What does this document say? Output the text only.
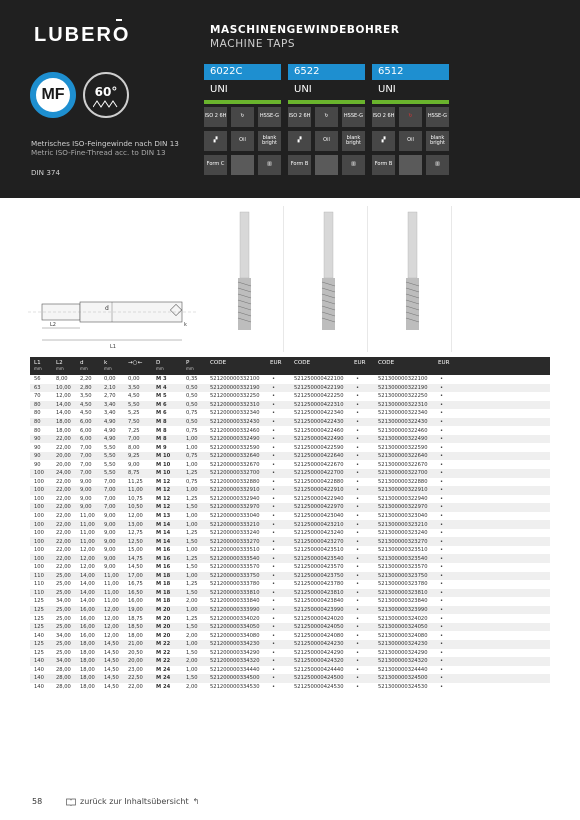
LUBERO	MASCHINENGEWINDEBOHRER
MACHINE TAPS
MF	60°
Metrisches ISO-Feingewinde nach DIN 13
Metric ISO-Fine-Thread acc. to DIN 13
DIN 374
6022C
UNI
ISO 2 6H	↻	HSSE-G
▞	Oil	blank bright
Form C	▥
6522
UNI
ISO 2 6H	↻	HSSE-G
▞	Oil	blank bright
Form B	▥
6512
UNI
ISO 2 6H	↻	HSSE-G
▞	Oil	blank bright
Form B	▥
d
k
L2
L1
L1
mm	L2
mm	d
mm	k
mm	→○←	D
mm	P
mm	CODE	EUR	CODE	EUR	CODE	EUR

56	8,00	2,20	0,00	0,00	M 3	0,35	521200000332100	•	521250000422100	•	521300000322100	•
63	10,00	2,80	2,10	3,50	M 4	0,50	521200000332190	•	521250000422190	•	521300000322190	•
70	12,00	3,50	2,70	4,50	M 5	0,50	521200000332250	•	521250000422250	•	521300000322250	•
80	14,00	4,50	3,40	5,50	M 6	0,50	521200000332310	•	521250000422310	•	521300000322310	•
80	14,00	4,50	3,40	5,25	M 6	0,75	521200000332340	•	521250000422340	•	521300000322340	•
80	18,00	6,00	4,90	7,50	M 8	0,50	521200000332430	•	521250000422430	•	521300000322430	•
80	18,00	6,00	4,90	7,25	M 8	0,75	521200000332460	•	521250000422460	•	521300000322460	•
90	22,00	6,00	4,90	7,00	M 8	1,00	521200000332490	•	521250000422490	•	521300000322490	•
90	22,00	7,00	5,50	8,00	M 9	1,00	521200000332590	•	521250000422590	•	521300000322590	•
90	20,00	7,00	5,50	9,25	M 10	0,75	521200000332640	•	521250000422640	•	521300000322640	•
90	20,00	7,00	5,50	9,00	M 10	1,00	521200000332670	•	521250000422670	•	521300000322670	•
100	24,00	7,00	5,50	8,75	M 10	1,25	521200000332700	•	521250000422700	•	521300000322700	•
100	22,00	9,00	7,00	11,25	M 12	0,75	521200000332880	•	521250000422880	•	521300000322880	•
100	22,00	9,00	7,00	11,00	M 12	1,00	521200000332910	•	521250000422910	•	521300000322910	•
100	22,00	9,00	7,00	10,75	M 12	1,25	521200000332940	•	521250000422940	•	521300000322940	•
100	22,00	9,00	7,00	10,50	M 12	1,50	521200000332970	•	521250000422970	•	521300000322970	•
100	22,00	11,00	9,00	12,00	M 13	1,00	521200000333040	•	521250000423040	•	521300000323040	•
100	22,00	11,00	9,00	13,00	M 14	1,00	521200000333210	•	521250000423210	•	521300000323210	•
100	22,00	11,00	9,00	12,75	M 14	1,25	521200000333240	•	521250000423240	•	521300000323240	•
100	22,00	11,00	9,00	12,50	M 14	1,50	521200000333270	•	521250000423270	•	521300000323270	•
100	22,00	12,00	9,00	15,00	M 16	1,00	521200000333510	•	521250000423510	•	521300000323510	•
100	22,00	12,00	9,00	14,75	M 16	1,25	521200000333540	•	521250000423540	•	521300000323540	•
100	22,00	12,00	9,00	14,50	M 16	1,50	521200000333570	•	521250000423570	•	521300000323570	•
110	25,00	14,00	11,00	17,00	M 18	1,00	521200000333750	•	521250000423750	•	521300000323750	•
110	25,00	14,00	11,00	16,75	M 18	1,25	521200000333780	•	521250000423780	•	521300000323780	•
110	25,00	14,00	11,00	16,50	M 18	1,50	521200000333810	•	521250000423810	•	521300000323810	•
125	34,00	14,00	11,00	16,00	M 18	2,00	521200000333840	•	521250000423840	•	521300000323840	•
125	25,00	16,00	12,00	19,00	M 20	1,00	521200000333990	•	521250000423990	•	521300000323990	•
125	25,00	16,00	12,00	18,75	M 20	1,25	521200000334020	•	521250000424020	•	521300000324020	•
125	25,00	16,00	12,00	18,50	M 20	1,50	521200000334050	•	521250000424050	•	521300000324050	•
140	34,00	16,00	12,00	18,00	M 20	2,00	521200000334080	•	521250000424080	•	521300000324080	•
125	25,00	18,00	14,50	21,00	M 22	1,00	521200000334230	•	521250000424230	•	521300000324230	•
125	25,00	18,00	14,50	20,50	M 22	1,50	521200000334290	•	521250000424290	•	521300000324290	•
140	34,00	18,00	14,50	20,00	M 22	2,00	521200000334320	•	521250000424320	•	521300000324320	•
140	28,00	18,00	14,50	23,00	M 24	1,00	521200000334440	•	521250000424440	•	521300000324440	•
140	28,00	18,00	14,50	22,50	M 24	1,50	521200000334500	•	521250000424500	•	521300000324500	•
140	28,00	18,00	14,50	22,00	M 24	2,00	521200000334530	•	521250000424530	•	521300000324530	•
58	zurück zur Inhaltsübersicht ↰
